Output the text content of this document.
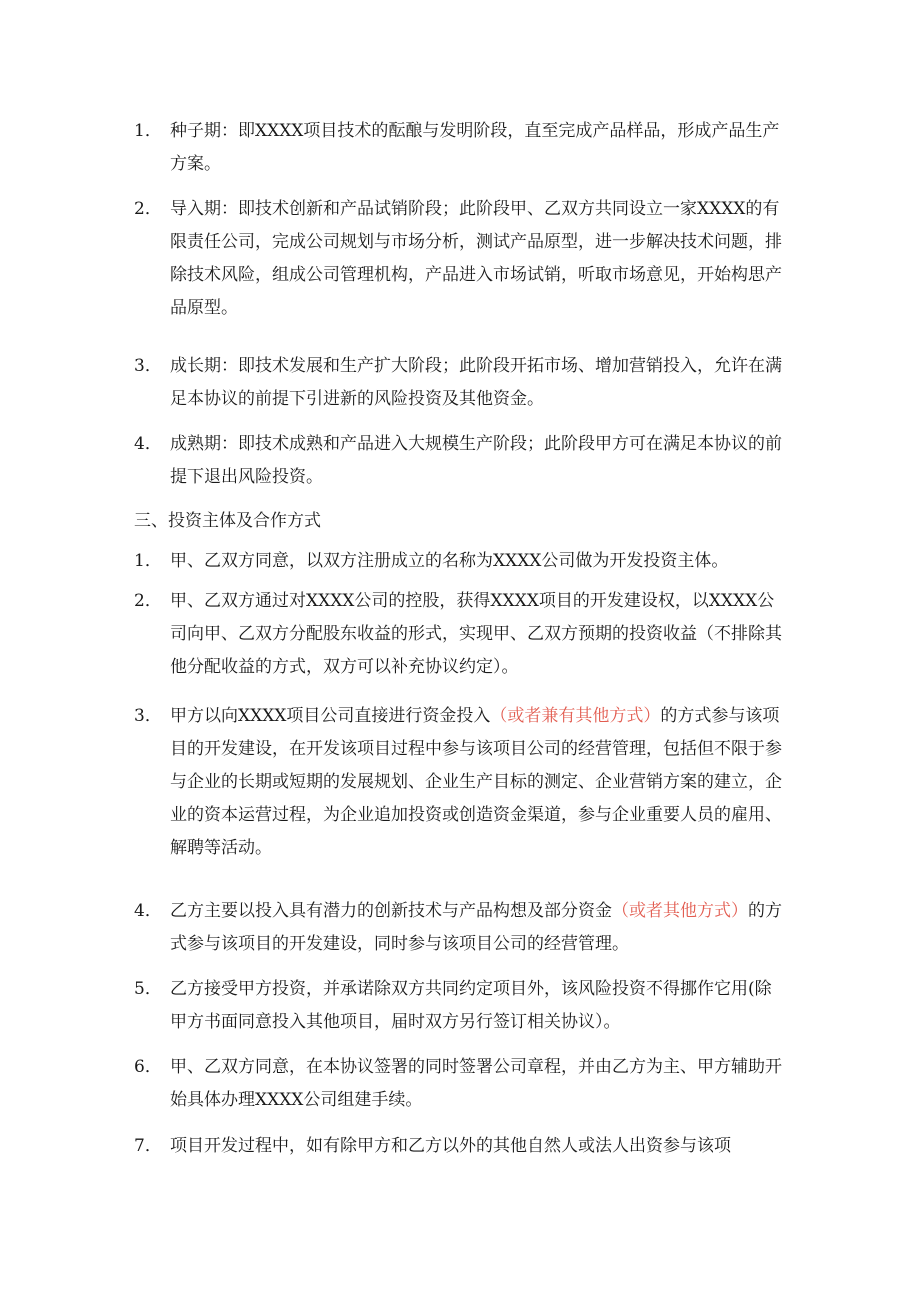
1． 种子期：即XXXX项目技术的酝酿与发明阶段，直至完成产品样品，形成产品生产方案。
2． 导入期：即技术创新和产品试销阶段；此阶段甲、乙双方共同设立一家XXXX的有限责任公司，完成公司规划与市场分析，测试产品原型，进一步解决技术问题，排除技术风险，组成公司管理机构，产品进入市场试销，听取市场意见，开始构思产品原型。
3． 成长期：即技术发展和生产扩大阶段；此阶段开拓市场、增加营销投入，允许在满足本协议的前提下引进新的风险投资及其他资金。
4． 成熟期：即技术成熟和产品进入大规模生产阶段；此阶段甲方可在满足本协议的前提下退出风险投资。
三、投资主体及合作方式
1． 甲、乙双方同意，以双方注册成立的名称为XXXX公司做为开发投资主体。
2． 甲、乙双方通过对XXXX公司的控股，获得XXXX项目的开发建设权，以XXXX公司向甲、乙双方分配股东收益的形式，实现甲、乙双方预期的投资收益（不排除其他分配收益的方式，双方可以补充协议约定）。
3． 甲方以向XXXX项目公司直接进行资金投入（或者兼有其他方式）的方式参与该项目的开发建设，在开发该项目过程中参与该项目公司的经营管理，包括但不限于参与企业的长期或短期的发展规划、企业生产目标的测定、企业营销方案的建立，企业的资本运营过程，为企业追加投资或创造资金渠道，参与企业重要人员的雇用、解聘等活动。
4． 乙方主要以投入具有潜力的创新技术与产品构想及部分资金（或者其他方式）的方式参与该项目的开发建设，同时参与该项目公司的经营管理。
5． 乙方接受甲方投资，并承诺除双方共同约定项目外，该风险投资不得挪作它用(除甲方书面同意投入其他项目，届时双方另行签订相关协议）。
6． 甲、乙双方同意，在本协议签署的同时签署公司章程，并由乙方为主、甲方辅助开始具体办理XXXX公司组建手续。
7． 项目开发过程中，如有除甲方和乙方以外的其他自然人或法人出资参与该项
